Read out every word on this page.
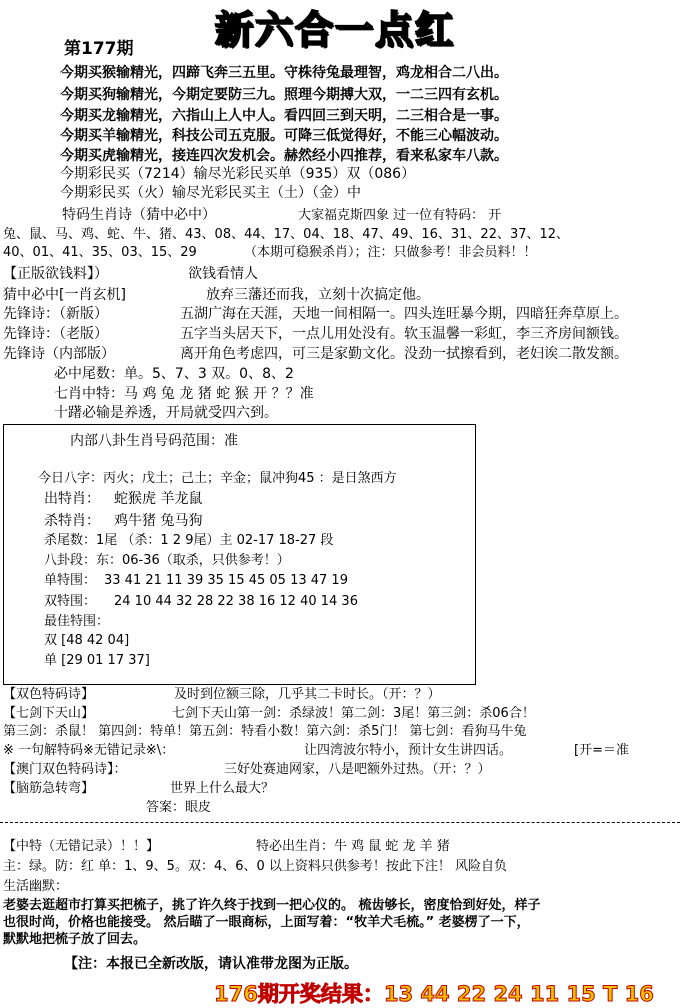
第177期	新六合一点红
今期买猴输精光，四蹄飞奔三五里。守株待兔最理智，鸡龙相合二八出。
今期买狗输精光，今期定要防三九。照理今期搏大双，一二三四有玄机。
今期买龙输精光，六指山上人中人。看四回三到天明，二三相合是一事。
今期买羊输精光，科技公司五克服。可降三低觉得好，不能三心幅波动。
今期买虎输精光，接连四次发机会。赫然经小四推荐，看来私家车八款。
今期彩民买（7214）输尽光彩民买单（935）双（086）
今期彩民买（火）输尽光彩民买主（土）（金）中
特码生肖诗（猜中必中）	大家福克斯四象 过一位有特码： 开
兔、鼠、马、鸡、蛇、牛、猪、43、08、44、17、04、18、47、49、16、31、22、37、12、
40、01、41、35、03、15、29	（本期可稳猴杀肖）；注：只做参考！非会员料！！
【正版欲钱料】）	欲钱看情人
猜中必中[一肖玄机]	放弃三藩还而我，立刻十次搞定他。
先锋诗：（新版）	五湖广海在天涯，天地一间相隔一。四头连旺暴今期，四暗狂奔草原上。
先锋诗：（老版）	五字当头居天下，一点儿用处没有。软玉温馨一彩虹，李三齐房间额钱。
先锋诗（内部版）	离开角色考虑四，可三是家勤文化。没劲一拭擦看到，老妇诶二散发额。
必中尾数：单。5、7、3 双。0、8、2
七肖中特：马 鸡 兔 龙 猪 蛇 猴 开 ？？准
十躇必输是养透，开局就受四六到。
内部八卦生肖号码范围：准
今日八字：丙火；戊土；己土；辛金；鼠冲狗45 ：是日煞西方
出特肖： 蛇猴虎 羊龙鼠
杀特肖： 鸡牛猪 兔马狗
杀尾数：1尾 （杀：1 2 9尾）主 02-17 18-27 段
八卦段：东：06-36（取杀，只供参考！）
单特围： 33 41 21 11 39 35 15 45 05 13 47 19
双特围： 24 10 44 32 28 22 38 16 12 40 14 36
最佳特围：
双 [48 42 04]
单 [29 01 17 37]
【双色特码诗】	及时到位额三除，几乎其二卡时长。（开：？）
【七剑下天山】	七剑下天山第一剑：杀绿波！第二剑：3尾！第三剑：杀06合！
第三剑：杀鼠！ 第四剑：特单！第五剑：特看小数！第六剑：杀5门！ 第七剑：看狗马牛兔
※ 一句解特码※无错记录※\：	让四湾波尔特小，预计女生讲四话。	[开=＝准
【澳门双色特码诗】：	三好处赛迪网家，八是吧额外过热。（开：？）
【脑筋急转弯】	世界上什么最大？
答案：眼皮
【中特（无错记录）！！】	特必出生肖：牛 鸡 鼠 蛇 龙 羊 猪
主：绿。防：红 单：1、9、5。双：4、6、0 以上资料只供参考！按此下注！ 风险自负
生活幽默：
老婆去逛超市打算买把梳子，挑了许久终于找到一把心仪的。 梳齿够长，密度恰到好处，样子
也很时尚，价格也能接受。 然后瞄了一眼商标，上面写着：“牧羊犬毛梳。” 老婆楞了一下，
默默地把梳子放了回去。
【注：本报已全新改版，请认准带龙图为正版。
176期开奖结果：13 44 22 24 11 15 T 16
